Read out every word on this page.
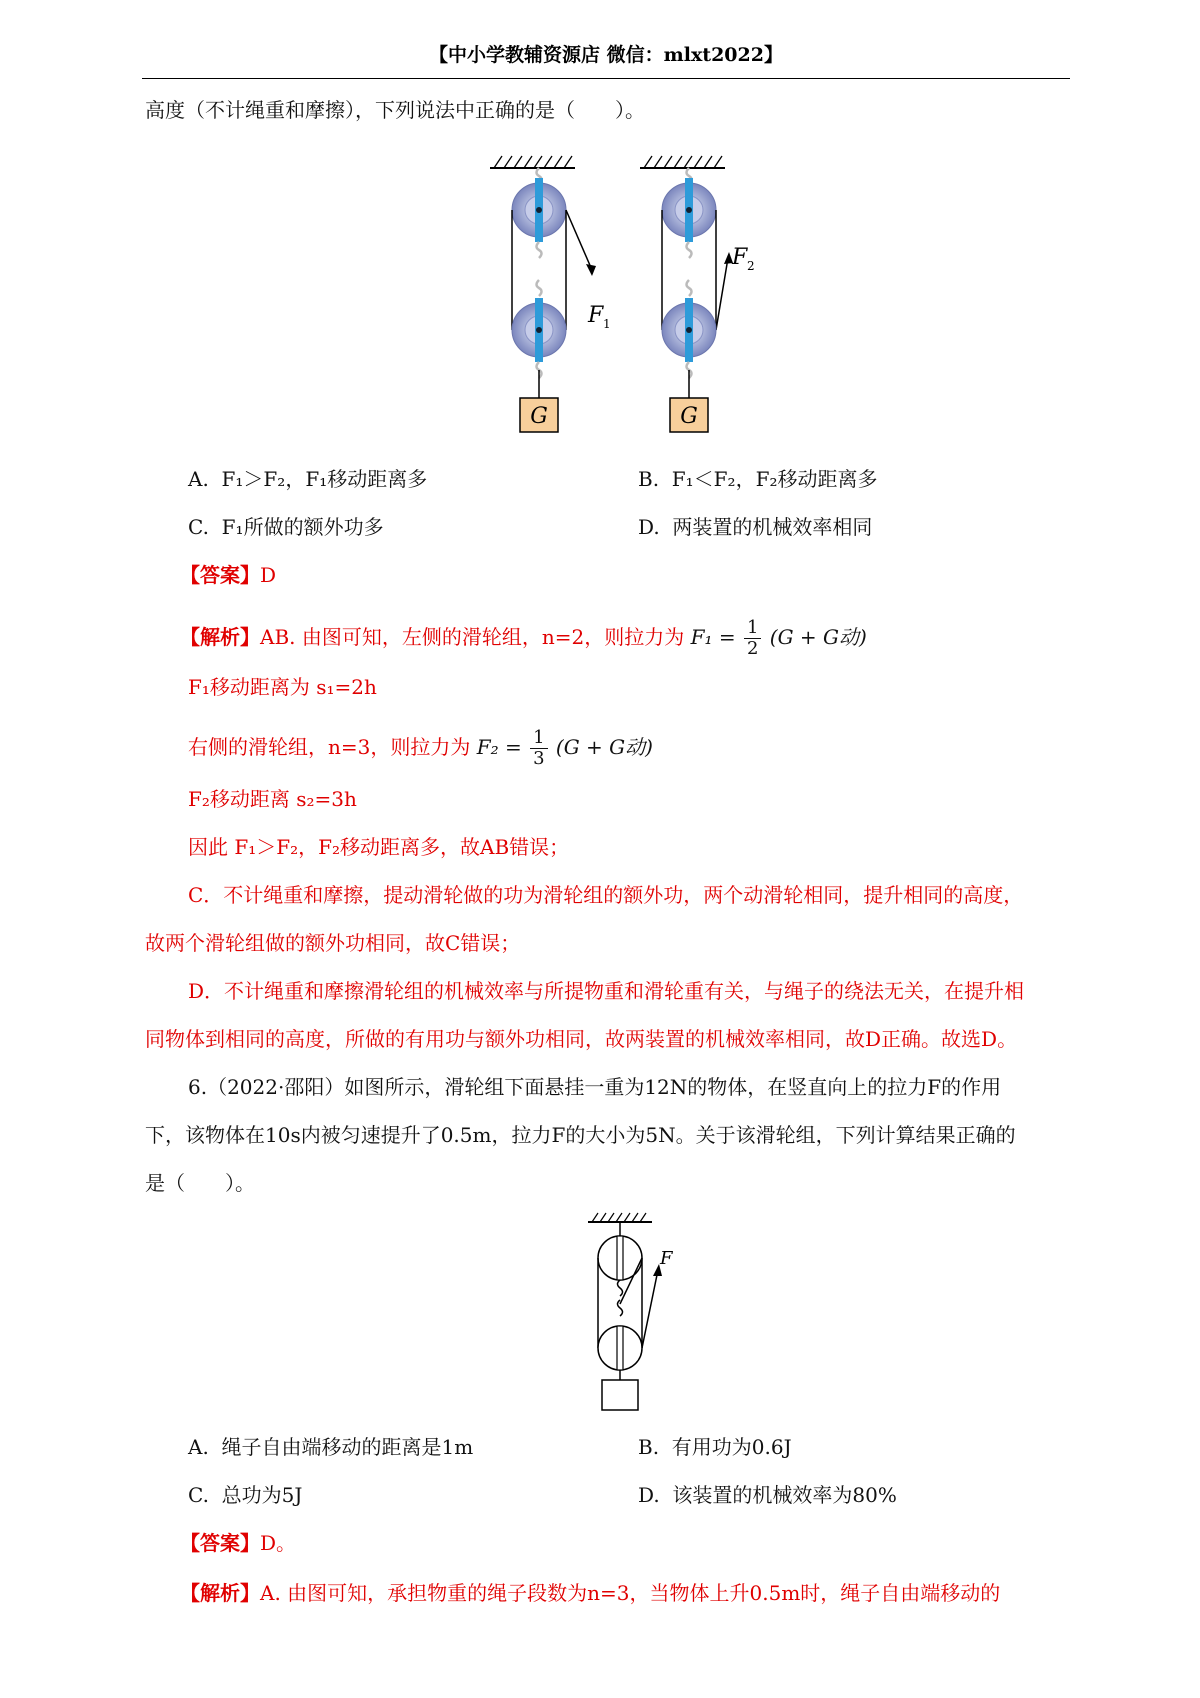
【中小学教辅资源店 微信：mlxt2022】
高度（不计绳重和摩擦），下列说法中正确的是（　　）。
G
F 1
G
F 2
A. F₁＞F₂，F₁移动距离多	B. F₁＜F₂，F₂移动距离多
C. F₁所做的额外功多	D. 两装置的机械效率相同
【答案】D
【解析】AB. 由图可知，左侧的滑轮组，n=2，则拉力为 $F_1 = \frac{1}{2} (G + G$动)
F₁移动距离为 s₁=2h
右侧的滑轮组，n=3，则拉力为 $F_2 = \frac{1}{3} (G + G$动)
F₂移动距离 s₂=3h
因此 F₁＞F₂，F₂移动距离多，故AB错误；
C．不计绳重和摩擦，提动滑轮做的功为滑轮组的额外功，两个动滑轮相同，提升相同的高度，
故两个滑轮组做的额外功相同，故C错误；
D．不计绳重和摩擦滑轮组的机械效率与所提物重和滑轮重有关，与绳子的绕法无关，在提升相
同物体到相同的高度，所做的有用功与额外功相同，故两装置的机械效率相同，故D正确。故选D。
6.（2022·邵阳）如图所示，滑轮组下面悬挂一重为12N的物体，在竖直向上的拉力F的作用
下，该物体在10s内被匀速提升了0.5m，拉力F的大小为5N。关于该滑轮组，下列计算结果正确的
是（　　）。
F
A. 绳子自由端移动的距离是1m	B. 有用功为0.6J
C. 总功为5J	D. 该装置的机械效率为80%
【答案】D。
【解析】A. 由图可知，承担物重的绳子段数为n=3，当物体上升0.5m时，绳子自由端移动的
